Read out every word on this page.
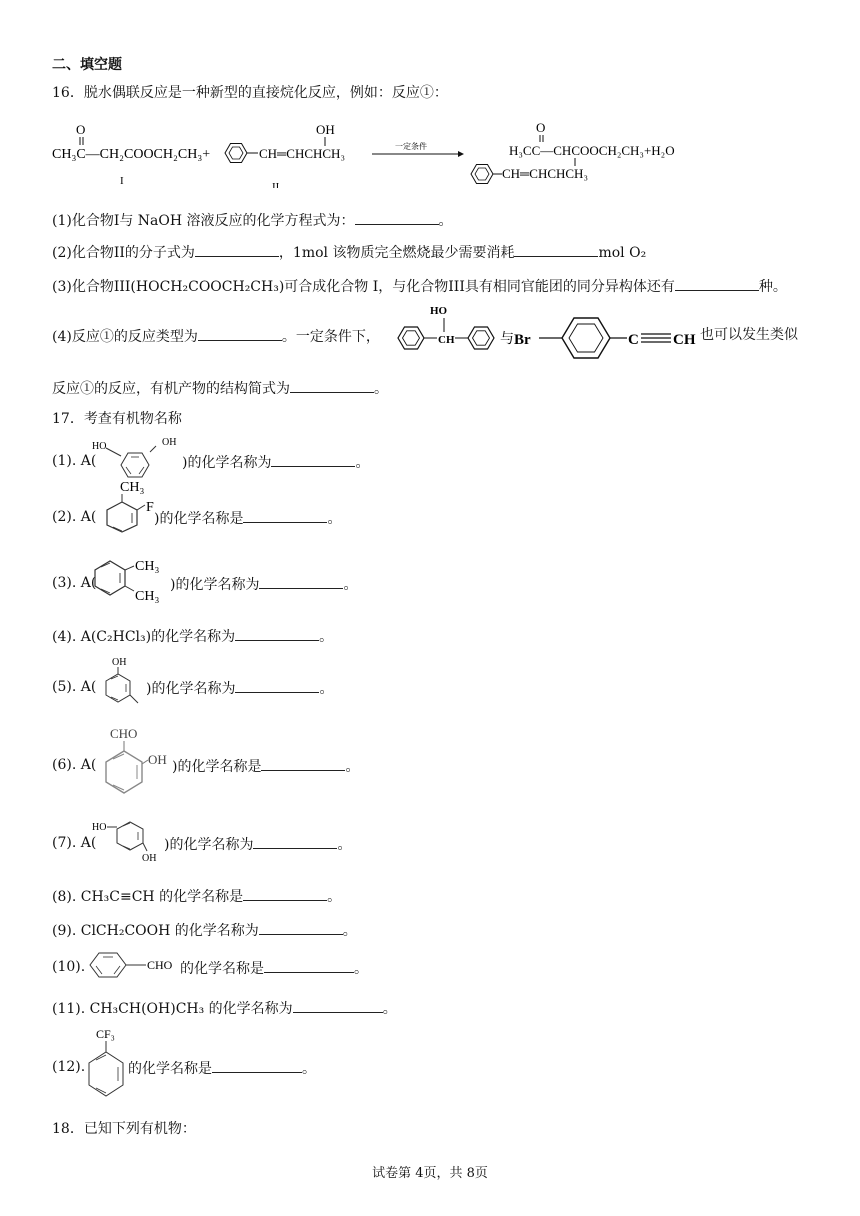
二、填空题
16．脱水偶联反应是一种新型的直接烷化反应，例如：反应①：
O
CH₃C—CH₂COOCH₂CH₃+
I
CH═CHCHCH₃
OH
II
一定条件
O
H₃CC—CHCOOCH₂CH₃+H₂O
CH═CHCHCH₃
(1)化合物I与 NaOH 溶液反应的化学方程式为：	。
(2)化合物II的分子式为	，1mol 该物质完全燃烧最少需要消耗	mol O₂
(3)化合物III(HOCH₂COOCH₂CH₃)可合成化合物 I，与化合物III具有相同官能团的同分异构体还有	种。
(4)反应①的反应类型为	。一定条件下，	CH
HO
与 Br	C CH 也可以发生类似
反应①的反应，有机产物的结构简式为	。
17．考查有机物名称
(1). A(
HO	OH
)的化学名称为	。
(2). A(
CH₃
F
)的化学名称是	。
(3). A(
CH₃
CH₃
)的化学名称为	。
(4). A(C₂HCl₃)的化学名称为	。
(5). A(
OH
)的化学名称为	。
(6). A(
CHO
OH )的化学名称是	。
(7). A(
HO
OH
)的化学名称为	。
(8). CH₃C≡CH 的化学名称是	。
(9). ClCH₂COOH 的化学名称为	。
(10).	CHO 的化学名称是	。
(11). CH₃CH(OH)CH₃ 的化学名称为	。
(12).
CF₃
的化学名称是	。
18．已知下列有机物：
试卷第 4页，共 8页
